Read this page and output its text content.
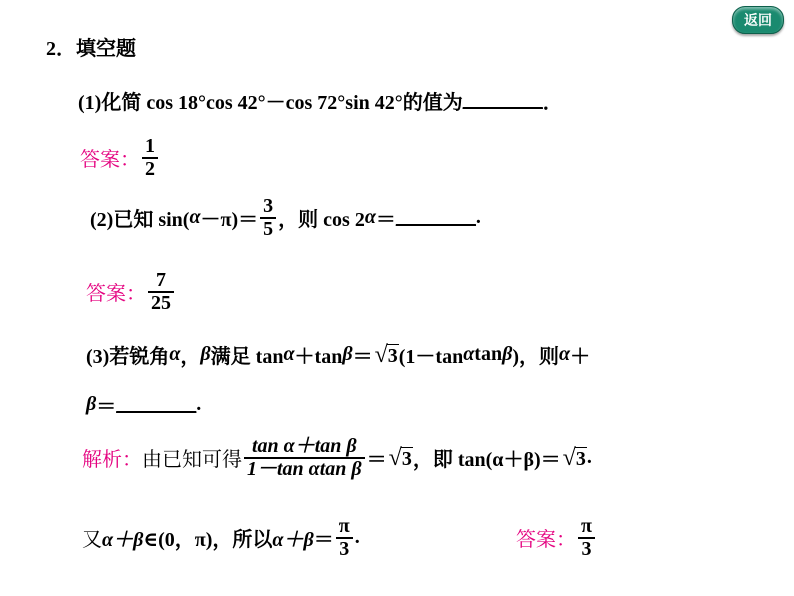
返回
2．填空题
(1)化简 cos 18°cos 42°－cos 72°sin 42°的值为 ________ ．
答案： $\frac{1}{2}$
(2)已知 sin( $\alpha -\pi)= \frac{3}{5}$ ，则 cos 2 α ＝ ________ .
答案： $\frac{7}{25}$
(3)若锐角 α ， β 满足 tan α ＋tan β ＝ √ 3 (1－tan α tan β )，则 α ＋
β ＝ ________ .
解析： 由已知可得 $\frac{\text{tan α＋tan β}}{\text{1－tan αtan β}}$ ＝ √ 3 ，即 tan(α＋β)＝ √ 3 .
又 α＋β ∈(0，π)，所以 $\alpha+\beta = \frac{\pi}{3}$ .	答案： $\frac{\pi}{3}$
